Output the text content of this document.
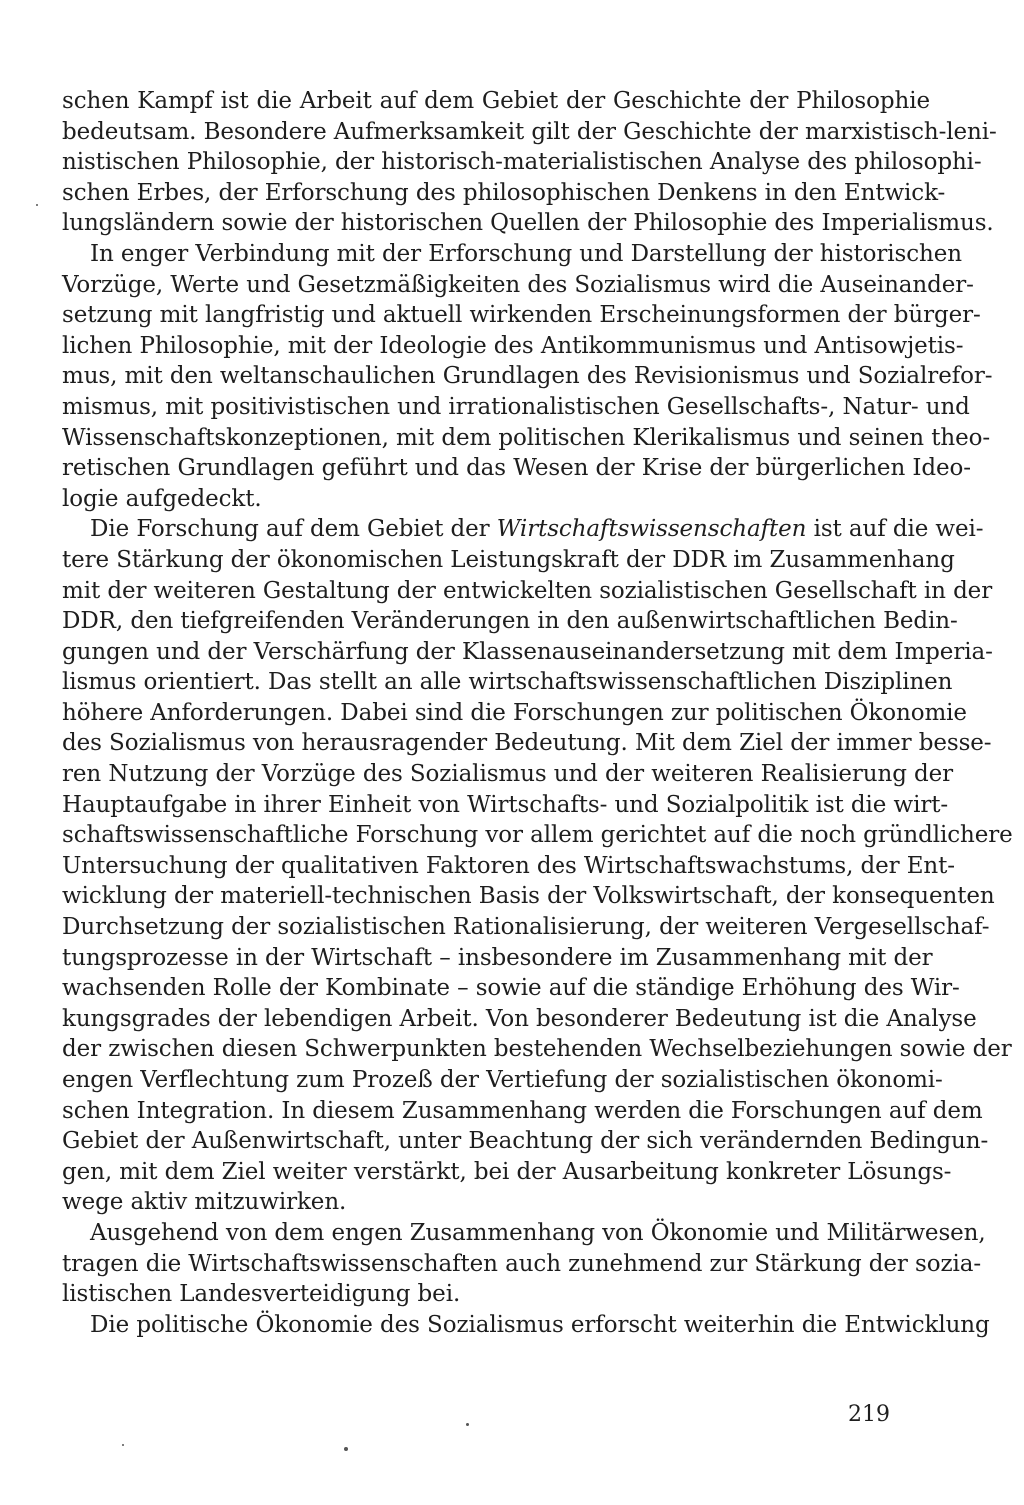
schen Kampf ist die Arbeit auf dem Gebiet der Geschichte der Philosophie
bedeutsam. Besondere Aufmerksamkeit gilt der Geschichte der marxistisch-leni-
nistischen Philosophie, der historisch-materialistischen Analyse des philosophi-
schen Erbes, der Erforschung des philosophischen Denkens in den Entwick-
lungsländern sowie der historischen Quellen der Philosophie des Imperialismus.
In enger Verbindung mit der Erforschung und Darstellung der historischen
Vorzüge, Werte und Gesetzmäßigkeiten des Sozialismus wird die Auseinander-
setzung mit langfristig und aktuell wirkenden Erscheinungsformen der bürger-
lichen Philosophie, mit der Ideologie des Antikommunismus und Antisowjetis-
mus, mit den weltanschaulichen Grundlagen des Revisionismus und Sozialrefor-
mismus, mit positivistischen und irrationalistischen Gesellschafts-, Natur- und
Wissenschaftskonzeptionen, mit dem politischen Klerikalismus und seinen theo-
retischen Grundlagen geführt und das Wesen der Krise der bürgerlichen Ideo-
logie aufgedeckt.
Die Forschung auf dem Gebiet der Wirtschaftswissenschaften ist auf die wei-
tere Stärkung der ökonomischen Leistungskraft der DDR im Zusammenhang
mit der weiteren Gestaltung der entwickelten sozialistischen Gesellschaft in der
DDR, den tiefgreifenden Veränderungen in den außenwirtschaftlichen Bedin-
gungen und der Verschärfung der Klassenauseinandersetzung mit dem Imperia-
lismus orientiert. Das stellt an alle wirtschaftswissenschaftlichen Disziplinen
höhere Anforderungen. Dabei sind die Forschungen zur politischen Ökonomie
des Sozialismus von herausragender Bedeutung. Mit dem Ziel der immer besse-
ren Nutzung der Vorzüge des Sozialismus und der weiteren Realisierung der
Hauptaufgabe in ihrer Einheit von Wirtschafts- und Sozialpolitik ist die wirt-
schaftswissenschaftliche Forschung vor allem gerichtet auf die noch gründlichere
Untersuchung der qualitativen Faktoren des Wirtschaftswachstums, der Ent-
wicklung der materiell-technischen Basis der Volkswirtschaft, der konsequenten
Durchsetzung der sozialistischen Rationalisierung, der weiteren Vergesellschaf-
tungsprozesse in der Wirtschaft – insbesondere im Zusammenhang mit der
wachsenden Rolle der Kombinate – sowie auf die ständige Erhöhung des Wir-
kungsgrades der lebendigen Arbeit. Von besonderer Bedeutung ist die Analyse
der zwischen diesen Schwerpunkten bestehenden Wechselbeziehungen sowie der
engen Verflechtung zum Prozeß der Vertiefung der sozialistischen ökonomi-
schen Integration. In diesem Zusammenhang werden die Forschungen auf dem
Gebiet der Außenwirtschaft, unter Beachtung der sich verändernden Bedingun-
gen, mit dem Ziel weiter verstärkt, bei der Ausarbeitung konkreter Lösungs-
wege aktiv mitzuwirken.
Ausgehend von dem engen Zusammenhang von Ökonomie und Militärwesen,
tragen die Wirtschaftswissenschaften auch zunehmend zur Stärkung der sozia-
listischen Landesverteidigung bei.
Die politische Ökonomie des Sozialismus erforscht weiterhin die Entwicklung
219
